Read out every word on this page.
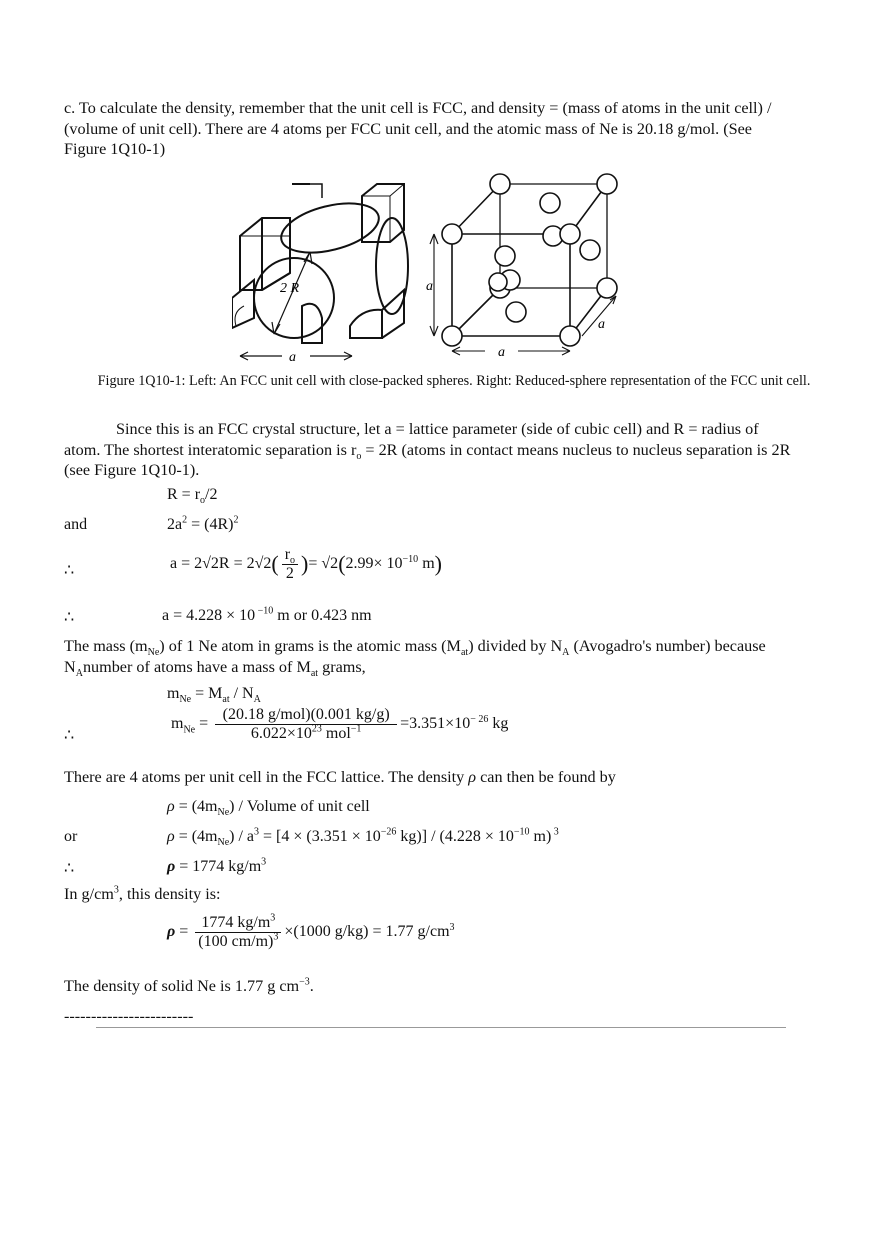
c. To calculate the density, remember that the unit cell is FCC, and density = (mass of atoms in the unit cell) / (volume of unit cell). There are 4 atoms per FCC unit cell, and the atomic mass of Ne is 20.18 g/mol. (See Figure 1Q10-1)
2 R
a
a
a
a
Figure 1Q10-1: Left: An FCC unit cell with close-packed spheres. Right: Reduced-sphere representation of the FCC unit cell.
Since this is an FCC crystal structure, let a = lattice parameter (side of cubic cell) and R = radius of atom. The shortest interatomic separation is $r_o = 2R$ (atoms in contact means nucleus to nucleus separation is 2R (see Figure 1Q10-1).
$R = r_o/2$
and	$2a^2 = (4R)^2$
∴	$a = 2√2R = 2√2( \frac{r_o}{2}$ )= $√2(2.99\times 10^{-10}$ m)
∴	a = 4.228 × 10 $^{-10}$ m or 0.423 nm
The mass $(m_{Ne})$ of 1 Ne atom in grams is the atomic mass $(M_{at})$ divided by $N_A$ (Avogadro's number) because $N_Anumber$ of atoms have a mass of $M_{at}$ grams,
$m_{Ne} = M_{at} / N_A$
∴
$m_{Ne} = \frac{\text{(20.18 g/mol)(0.001 kg/g)}}{6.022\times 10^{23} mol^{-1}} =3.351\times 10^{- 26}$ kg
There are 4 atoms per unit cell in the FCC lattice. The density ρ can then be found by
$\rho = (4m_{Ne})$ / Volume of unit cell
or	$\rho = (4m_{Ne}) / a^3 = [4 \times (3.351 \times 10^{-26}$ $kg)] / (4.228 \times 10^{-10}$ m) $^3$
∴	ρ = 1774 $kg/m^3$
In $g/cm^3$, this density is:
$\rho = \frac{1774 kg/m^3}{(100 cm/m)^3} \times(1000$ g/kg) = 1.77 $g/cm^3$
The density of solid Ne is 1.77 g $cm^{-3}$.
------------------------
